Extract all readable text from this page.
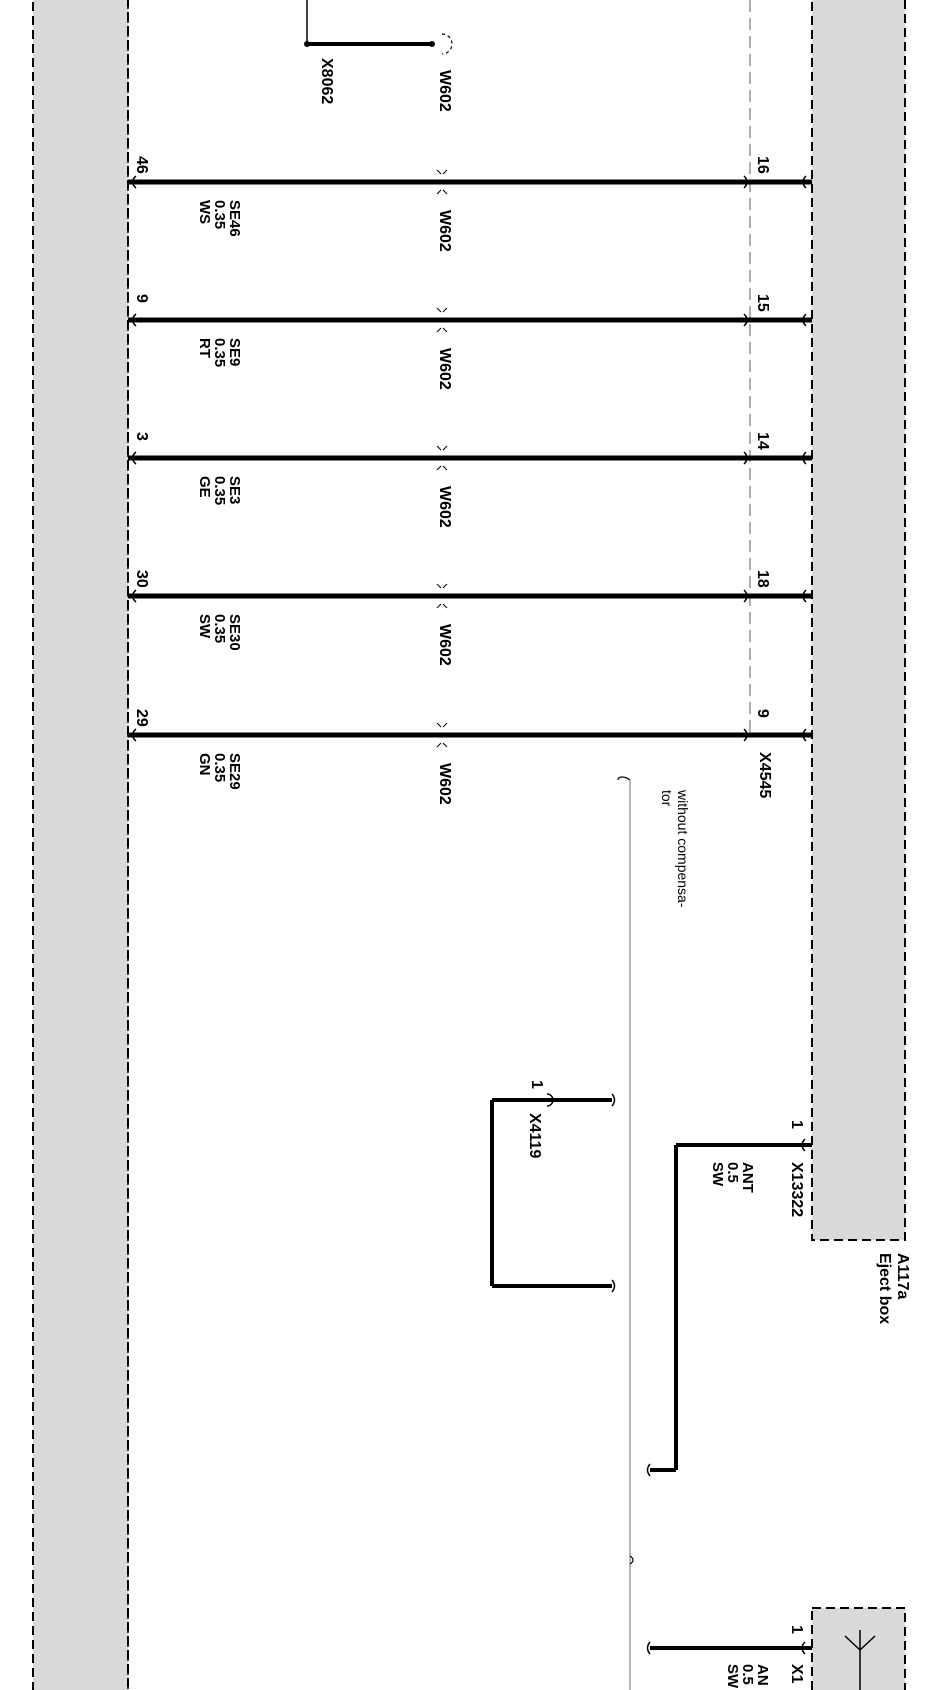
X8062	W602
46	16
SE46
0.35
WS	W602
9	15
SE9
0.35
RT	W602
3	14
SE3
0.35
GE	W602
30	18
SE30
0.35
SW	W602
29	9
SE29
0.35
GN	W602	X4545
without compensa-
tor
1
X4119	1
X13322
ANT
0.5
SW
A117a
Eject box
1
X1
AN
0.5
SW
